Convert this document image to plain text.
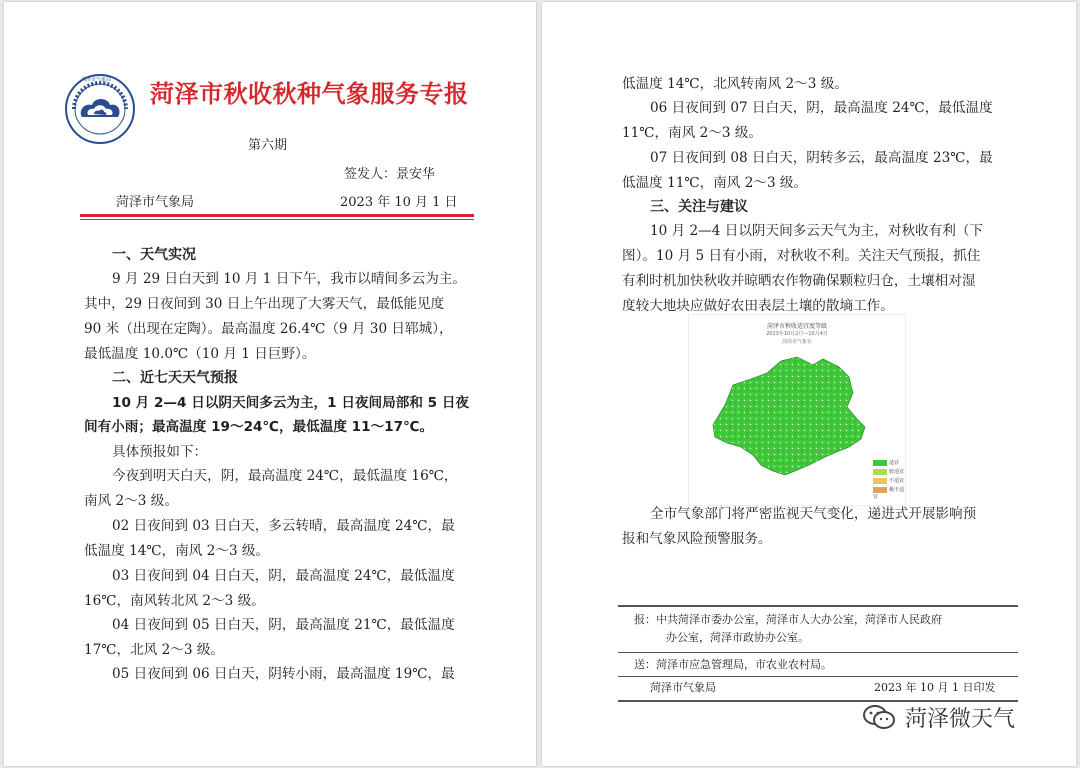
菏泽市气象局 菏泽市秋收秋种气象服务专报
第六期
签发人：景安华
菏泽市气象局	2023 年 10 月 1 日
一、天气实况
9 月 29 日白天到 10 月 1 日下午，我市以晴间多云为主。
其中，29 日夜间到 30 日上午出现了大雾天气，最低能见度
90 米（出现在定陶）。最高温度 26.4℃（9 月 30 日郓城），
最低温度 10.0℃（10 月 1 日巨野）。
二、近七天天气预报
10 月 2—4 日以阴天间多云为主，1 日夜间局部和 5 日夜
间有小雨；最高温度 19～24℃，最低温度 11～17℃。
具体预报如下：
今夜到明天白天，阴，最高温度 24℃，最低温度 16℃，
南风 2～3 级。
02 日夜间到 03 日白天，多云转晴，最高温度 24℃，最
低温度 14℃，南风 2～3 级。
03 日夜间到 04 日白天，阴，最高温度 24℃，最低温度
16℃，南风转北风 2～3 级。
04 日夜间到 05 日白天，阴，最高温度 21℃，最低温度
17℃，北风 2～3 级。
05 日夜间到 06 日白天，阴转小雨，最高温度 19℃，最
低温度 14℃，北风转南风 2～3 级。
06 日夜间到 07 日白天，阴，最高温度 24℃，最低温度
11℃，南风 2～3 级。
07 日夜间到 08 日白天，阴转多云，最高温度 23℃，最
低温度 11℃，南风 2～3 级。
三、关注与建议
10 月 2—4 日以阴天间多云天气为主，对秋收有利（下
图）。10 月 5 日有小雨，对秋收不利。关注天气预报，抓住
有利时机加快秋收并晾晒农作物确保颗粒归仓，土壤相对湿
度较大地块应做好农田表层土壤的散墒工作。
菏泽市秋收适宜度等级
2023年10月2日—10月4日
菏泽市气象台
适宜
较适宜
不适宜
极不适宜
全市气象部门将严密监视天气变化，递进式开展影响预
报和气象风险预警服务。
报：中共菏泽市委办公室，菏泽市人大办公室，菏泽市人民政府
办公室，菏泽市政协办公室。
送：菏泽市应急管理局，市农业农村局。
菏泽市气象局	2023 年 10 月 1 日印发
菏泽微天气
